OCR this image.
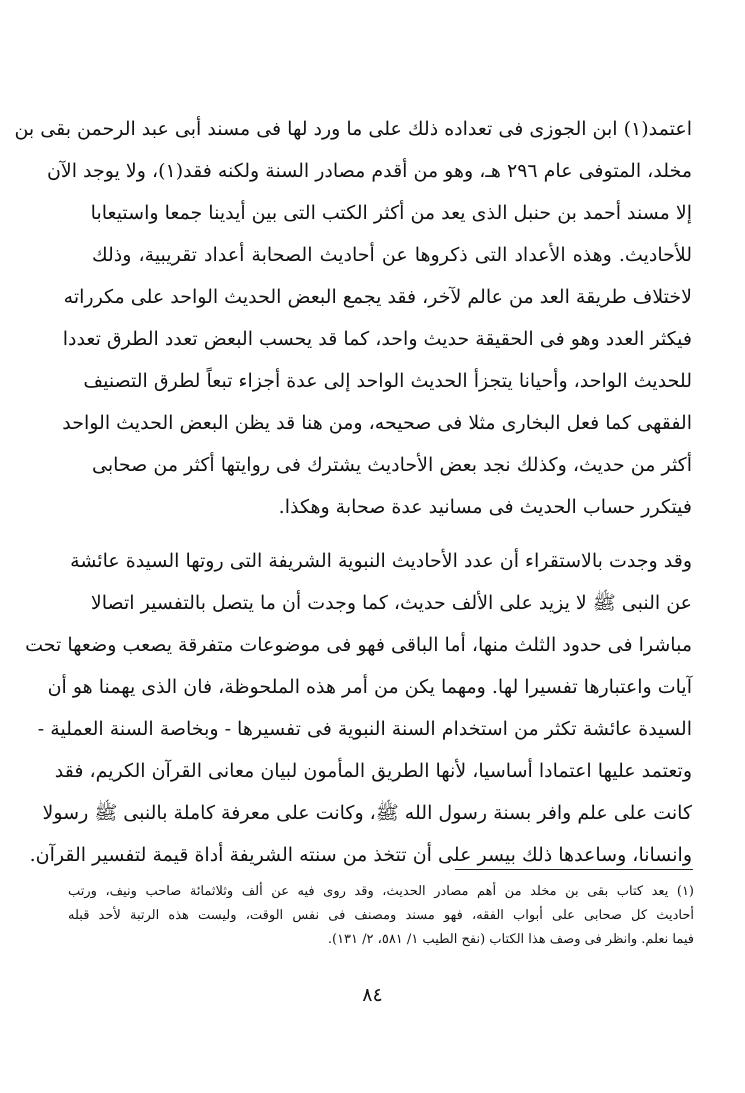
اعتمد(١) ابن الجوزى فى تعداده ذلك على ما ورد لها فى مسند أبى عبد الرحمن بقى بن
مخلد، المتوفى عام ٢٩٦ هـ، وهو من أقدم مصادر السنة ولكنه فقد(١)، ولا يوجد الآن
إلا مسند أحمد بن حنبل الذى يعد من أكثر الكتب التى بين أيدينا جمعا واستيعابا
للأحاديث. وهذه الأعداد التى ذكروها عن أحاديث الصحابة أعداد تقريبية، وذلك
لاختلاف طريقة العد من عالم لآخر، فقد يجمع البعض الحديث الواحد على مكرراته
فيكثر العدد وهو فى الحقيقة حديث واحد، كما قد يحسب البعض تعدد الطرق تعددا
للحديث الواحد، وأحيانا يتجزأ الحديث الواحد إلى عدة أجزاء تبعاً لطرق التصنيف
الفقهى كما فعل البخارى مثلا فى صحيحه، ومن هنا قد يظن البعض الحديث الواحد
أكثر من حديث، وكذلك نجد بعض الأحاديث يشترك فى روايتها أكثر من صحابى
فيتكرر حساب الحديث فى مسانيد عدة صحابة وهكذا.
وقد وجدت بالاستقراء أن عدد الأحاديث النبوية الشريفة التى روتها السيدة عائشة
عن النبى ﷺ لا يزيد على الألف حديث، كما وجدت أن ما يتصل بالتفسير اتصالا
مباشرا فى حدود الثلث منها، أما الباقى فهو فى موضوعات متفرقة يصعب وضعها تحت
آيات واعتبارها تفسيرا لها. ومهما يكن من أمر هذه الملحوظة، فان الذى يهمنا هو أن
السيدة عائشة تكثر من استخدام السنة النبوية فى تفسيرها - وبخاصة السنة العملية -
وتعتمد عليها اعتمادا أساسيا، لأنها الطريق المأمون لبيان معانى القرآن الكريم، فقد
كانت على علم وافر بسنة رسول الله ﷺ، وكانت على معرفة كاملة بالنبى ﷺ رسولا
وانسانا، وساعدها ذلك بيسر على أن تتخذ من سنته الشريفة أداة قيمة لتفسير القرآن.
(١) يعد كتاب بقى بن مخلد من أهم مصادر الحديث، وقد روى فيه عن ألف وثلاثمائة صاحب ونيف، ورتب
أحاديث كل صحابى على أبواب الفقه، فهو مسند ومصنف فى نفس الوقت، وليست هذه الرتبة لأحد قبله
فيما نعلم. وانظر فى وصف هذا الكتاب (نفح الطيب ١/ ٥٨١، ٢/ ١٣١).
٨٤
